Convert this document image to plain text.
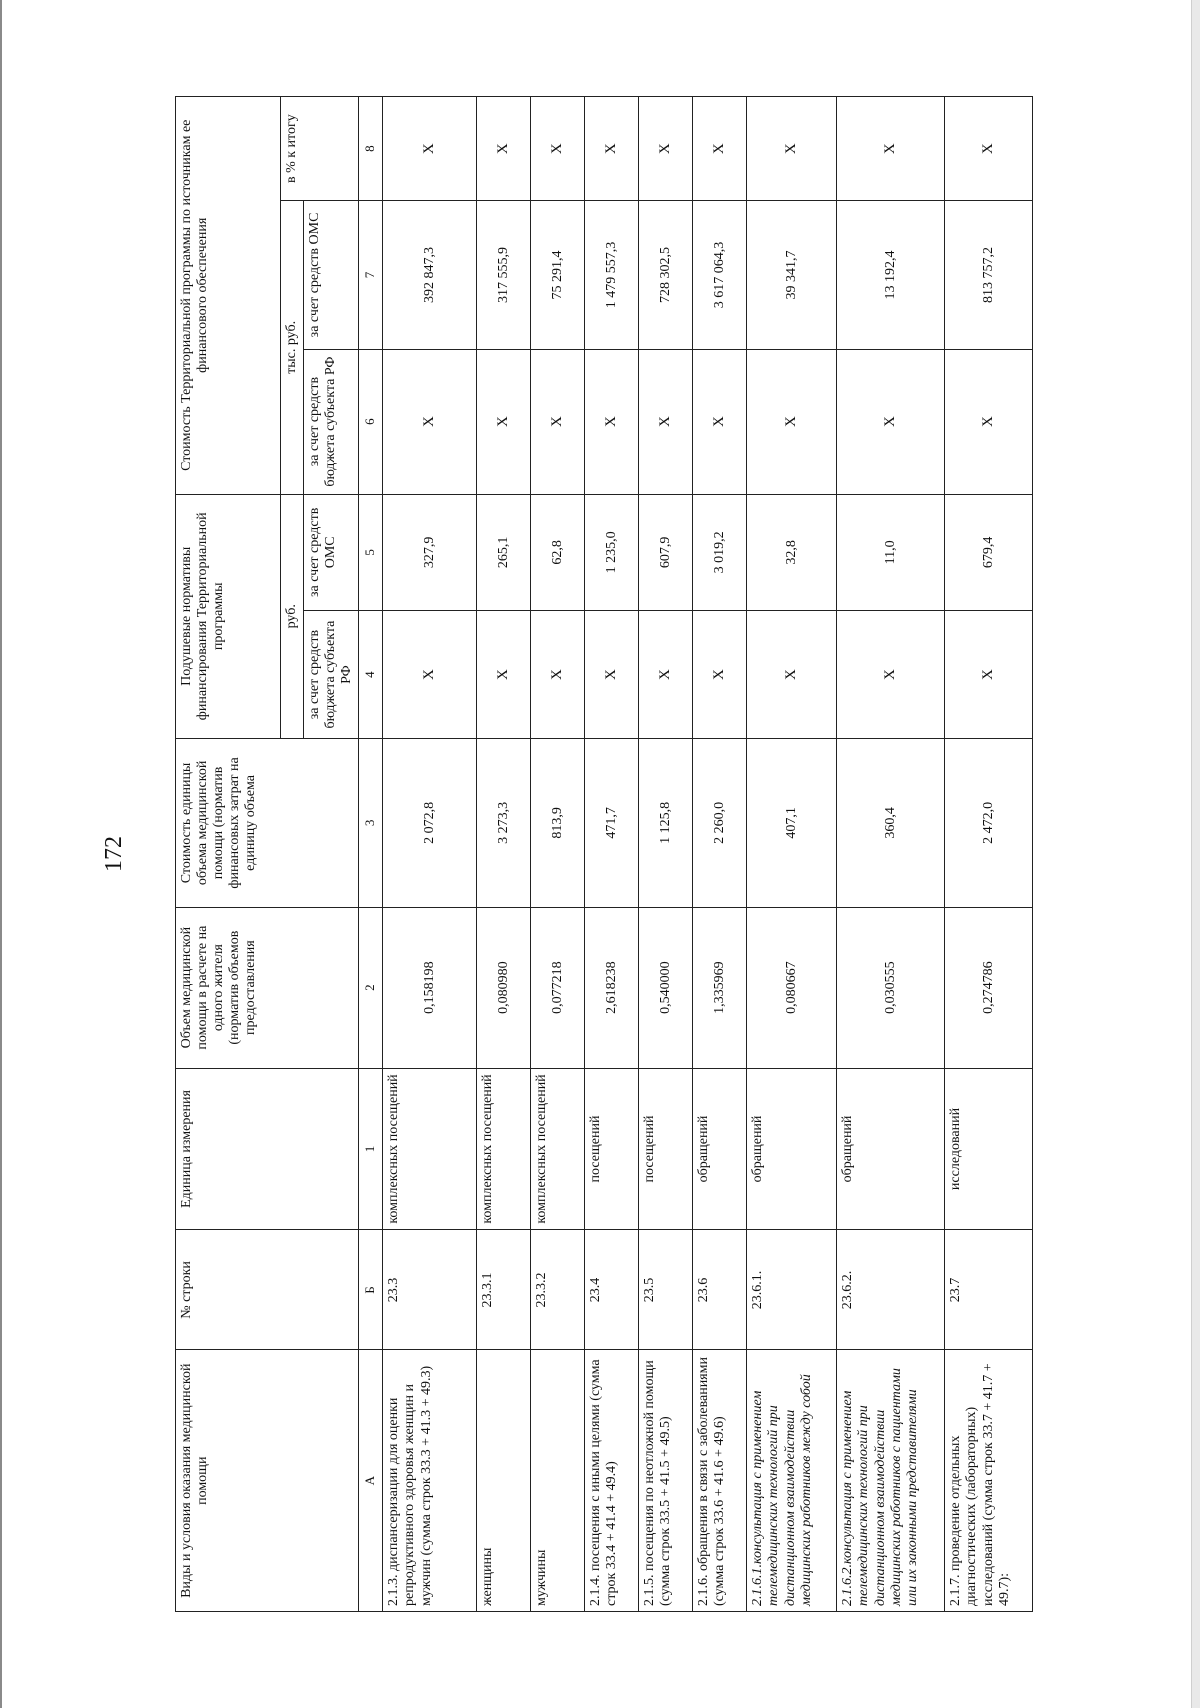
172
Виды и условия оказания медицинской помощи	№ строки	Единица измерения	Объем медицинской помощи в расчете на одного жителя (норматив объемов предоставления	Стоимость единицы объема медицинской помощи (норматив финансовых затрат на единицу объема	Подушевые нормативы финансирования Территориальной программы		Стоимость Территориальной программы по источникам ее финансового обеспечения		
					руб.		тыс. руб.		в % к итогу
					за счет средств бюджета субъекта РФ	за счет средств ОМС	за счет средств бюджета субъекта РФ	за счет средств ОМС	
А	Б	1	2	3	4	5	6	7	8
2.1.3. диспансеризации для оценки репродуктивного здоровья женщин и мужчин (сумма строк 33.3 + 41.3 + 49.3)	23.3	комплексных посещений	0,158198	2 072,8	X	327,9	X	392 847,3	X
женщины	23.3.1	комплексных посещений	0,080980	3 273,3	X	265,1	X	317 555,9	X
мужчины	23.3.2	комплексных посещений	0,077218	813,9	X	62,8	X	75 291,4	X
2.1.4. посещения с иными целями (сумма строк 33.4 + 41.4 + 49.4)	23.4	посещений	2,618238	471,7	X	1 235,0	X	1 479 557,3	X
2.1.5. посещения по неотложной помощи (сумма строк 33.5 + 41.5 + 49.5)	23.5	посещений	0,540000	1 125,8	X	607,9	X	728 302,5	X
2.1.6. обращения в связи с заболеваниями (сумма строк 33.6 + 41.6 + 49.6)	23.6	обращений	1,335969	2 260,0	X	3 019,2	X	3 617 064,3	X
2.1.6.1.консультация с применением телемедицинских технологий при дистанционном взаимодействии медицинских работников между собой	23.6.1.	обращений	0,080667	407,1	X	32,8	X	39 341,7	X
2.1.6.2.консультация с применением телемедицинских технологий при дистанционном взаимодействии медицинских работников с пациентами или их законными представителями	23.6.2.	обращений	0,030555	360,4	X	11,0	X	13 192,4	X
2.1.7. проведение отдельных диагностических (лабораторных) исследований (сумма строк 33.7 + 41.7 + 49.7):	23.7	исследований	0,274786	2 472,0	X	679,4	X	813 757,2	X
